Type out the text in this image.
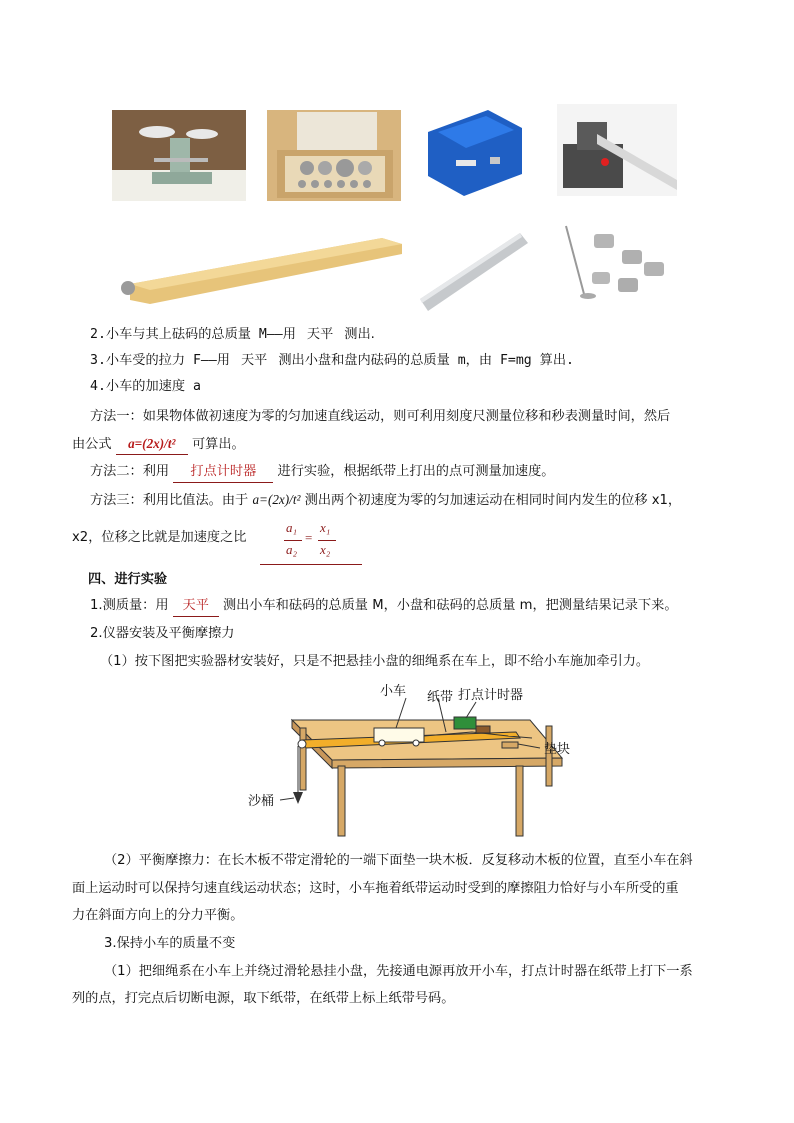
2.小车与其上砝码的总质量 M——用 天平 测出.
3.小车受的拉力 F——用 天平 测出小盘和盘内砝码的总质量 m，由 F=mg 算出.
4.小车的加速度 a
方法一：如果物体做初速度为零的匀加速直线运动，则可利用刻度尺测量位移和秒表测量时间，然后
由公式 a=(2x)/t² 可算出。
方法二：利用 打点计时器 进行实验，根据纸带上打出的点可测量加速度。
方法三：利用比值法。由于 a=(2x)/t² 测出两个初速度为零的匀加速运动在相同时间内发生的位移 x1，
x2，位移之比就是加速度之比
a₁
a₂
=
x₁
x₂
四、进行实验
1.测质量：用 天平 测出小车和砝码的总质量 M，小盘和砝码的总质量 m，把测量结果记录下来。
2.仪器安装及平衡摩擦力
（1）按下图把实验器材安装好，只是不把悬挂小盘的细绳系在车上，即不给小车施加牵引力。
小车 纸带 打点计时器
垫块
沙桶
（2）平衡摩擦力：在长木板不带定滑轮的一端下面垫一块木板．反复移动木板的位置，直至小车在斜
面上运动时可以保持匀速直线运动状态；这时，小车拖着纸带运动时受到的摩擦阻力恰好与小车所受的重
力在斜面方向上的分力平衡。
3.保持小车的质量不变
（1）把细绳系在小车上并绕过滑轮悬挂小盘，先接通电源再放开小车，打点计时器在纸带上打下一系
列的点，打完点后切断电源，取下纸带，在纸带上标上纸带号码。
